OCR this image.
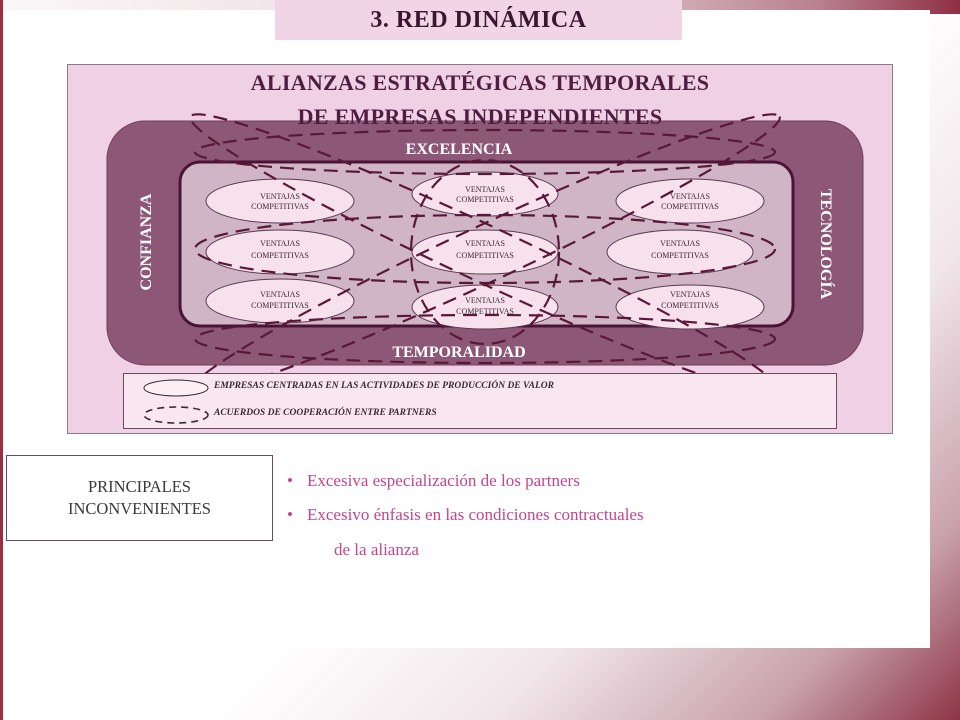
3. RED DINÁMICA
EXCELENCIA
TEMPORALIDAD
CONFIANZA	TECNOLOGÍA
VENTAJAS
COMPETITIVAS
VENTAJAS
COMPETITIVAS	VENTAJAS
COMPETITIVAS
VENTAJAS
COMPETITIVAS
VENTAJAS
COMPETITIVAS
VENTAJAS
COMPETITIVAS
VENTAJAS
COMPETITIVAS
VENTAJAS
COMPETITIVAS
VENTAJAS
COMPETITIVAS
ALIANZAS ESTRATÉGICAS TEMPORALES
DE EMPRESAS INDEPENDIENTES
EMPRESAS CENTRADAS EN LAS ACTIVIDADES DE PRODUCCIÓN DE VALOR
ACUERDOS DE COOPERACIÓN ENTRE PARTNERS
PRINCIPALES
INCONVENIENTES
• Excesiva especialización de los partners
• Excesivo énfasis en las condiciones contractuales
de la alianza
